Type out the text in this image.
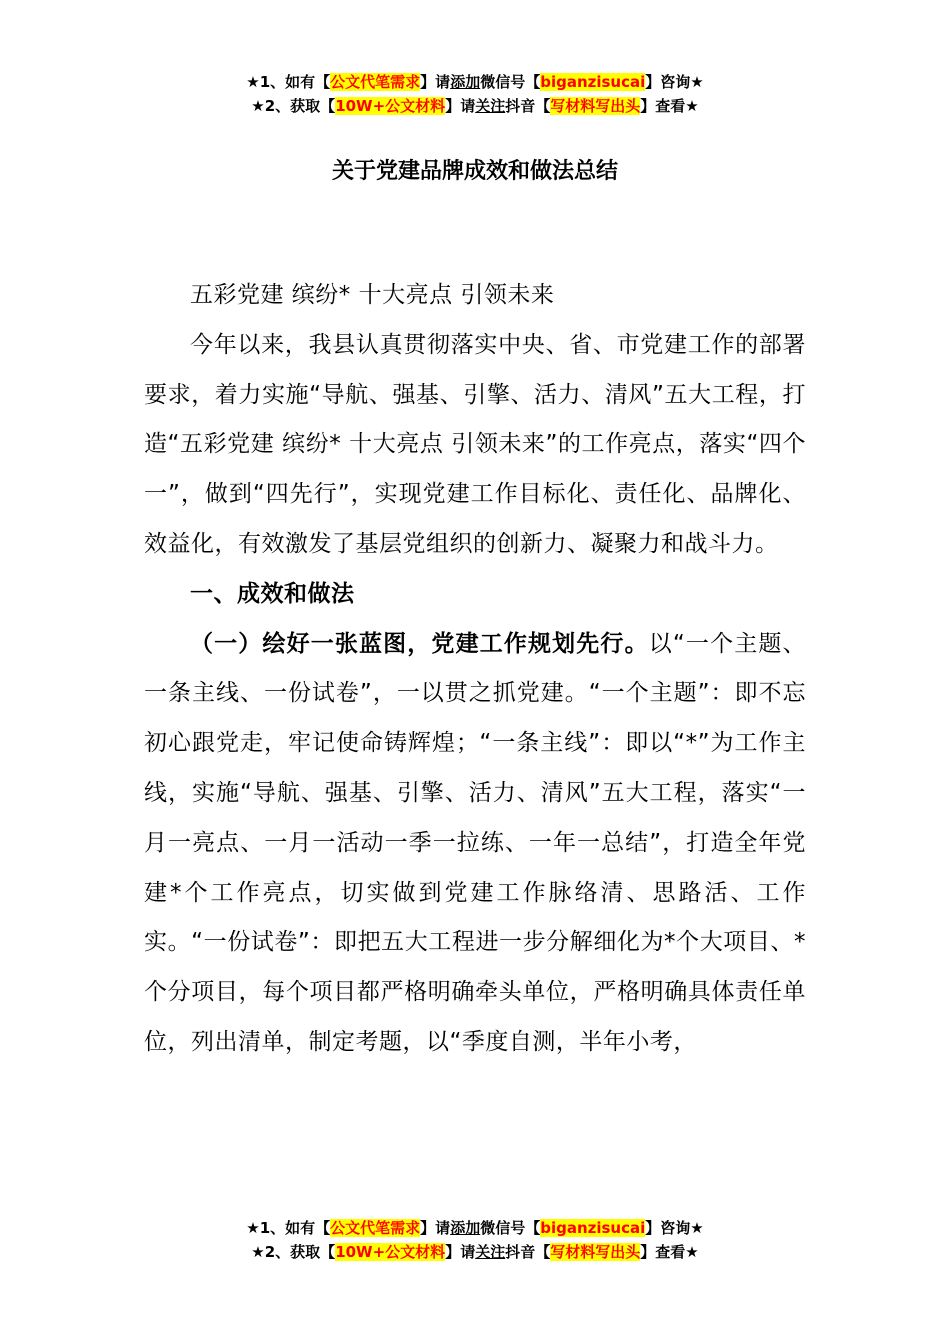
★1、如有【公文代笔需求】请添加微信号【biganzisucai】咨询★
★2、获取【10W+公文材料】请关注抖音【写材料写出头】查看★
关于党建品牌成效和做法总结

五彩党建 缤纷* 十大亮点 引领未来

今年以来，我县认真贯彻落实中央、省、市党建工作的部署要求，着力实施“导航、强基、引擎、活力、清风”五大工程，打造“五彩党建 缤纷* 十大亮点 引领未来”的工作亮点，落实“四个一”，做到“四先行”，实现党建工作目标化、责任化、品牌化、效益化，有效激发了基层党组织的创新力、凝聚力和战斗力。

一、成效和做法

（一）绘好一张蓝图，党建工作规划先行。以“一个主题、一条主线、一份试卷”，一以贯之抓党建。“一个主题”：即不忘初心跟党走，牢记使命铸辉煌；“一条主线”：即以“*”为工作主线，实施“导航、强基、引擎、活力、清风”五大工程，落实“一月一亮点、一月一活动一季一拉练、一年一总结”，打造全年党建*个工作亮点，切实做到党建工作脉络清、思路活、工作实。“一份试卷”：即把五大工程进一步分解细化为*个大项目、*个分项目，每个项目都严格明确牵头单位，严格明确具体责任单位，列出清单，制定考题，以“季度自测，半年小考，

★1、如有【公文代笔需求】请添加微信号【biganzisucai】咨询★
★2、获取【10W+公文材料】请关注抖音【写材料写出头】查看★
